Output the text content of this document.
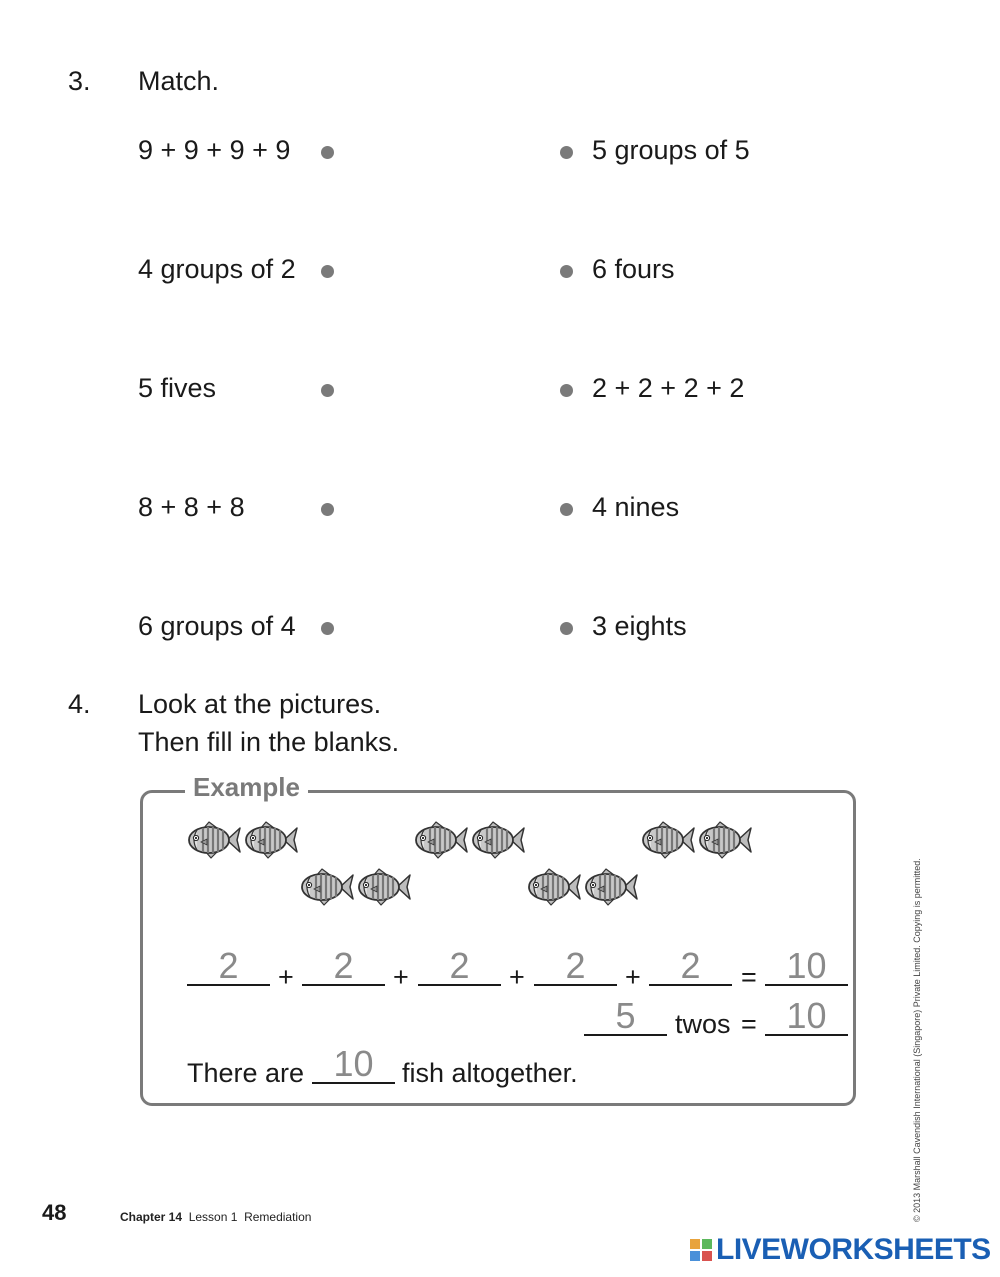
3. Match.
9 + 9 + 9 + 9
4 groups of 2
5 fives
8 + 8 + 8
6 groups of 4
5 groups of 5
6 fours
2 + 2 + 2 + 2
4 nines
3 eights
4. Look at the pictures.
Then fill in the blanks.
Example
2	+	2	+	2	+	2	+	2	= 10
5	twos = 10
There are 10	fish altogether.
48	Chapter 14 Lesson 1 Remediation	© 2013 Marshall Cavendish International (Singapore) Private Limited. Copying is permitted.
LIVEWORKSHEETS
